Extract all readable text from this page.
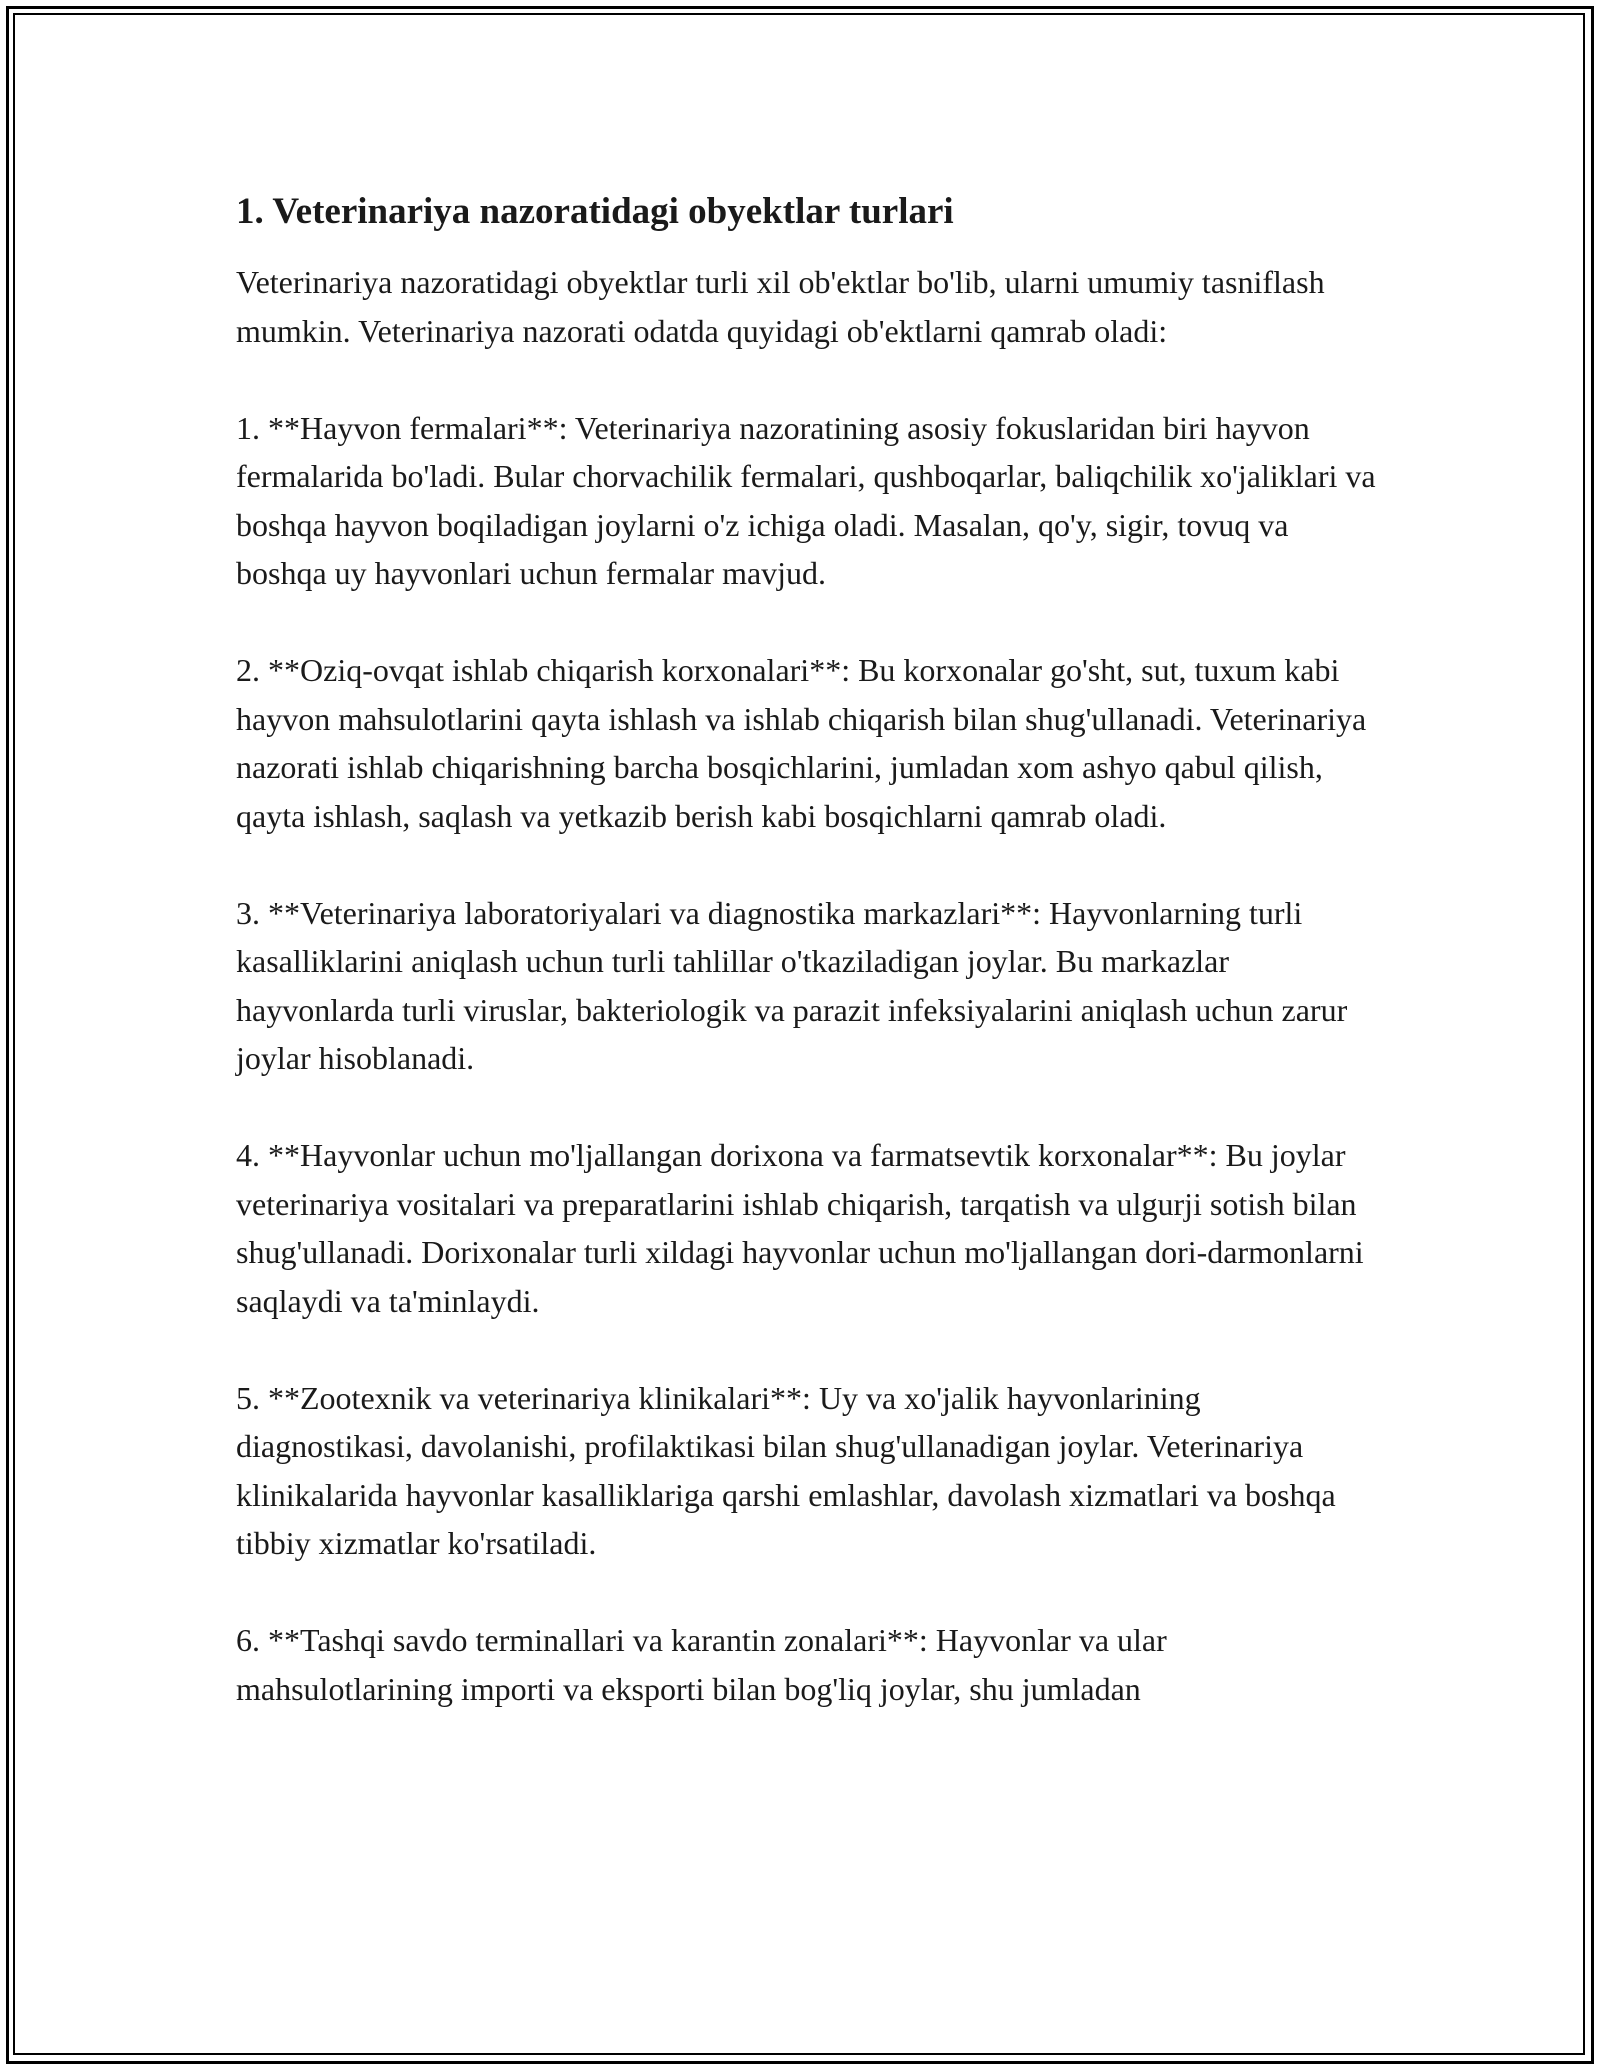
1. Veterinariya nazoratidagi obyektlar turlari

Veterinariya nazoratidagi obyektlar turli xil ob'ektlar bo'lib, ularni umumiy tasniflash mumkin. Veterinariya nazorati odatda quyidagi ob'ektlarni qamrab oladi:

1. **Hayvon fermalari**: Veterinariya nazoratining asosiy fokuslaridan biri hayvon fermalarida bo'ladi. Bular chorvachilik fermalari, qushboqarlar, baliqchilik xo'jaliklari va boshqa hayvon boqiladigan joylarni o'z ichiga oladi. Masalan, qo'y, sigir, tovuq va boshqa uy hayvonlari uchun fermalar mavjud.

2. **Oziq-ovqat ishlab chiqarish korxonalari**: Bu korxonalar go'sht, sut, tuxum kabi hayvon mahsulotlarini qayta ishlash va ishlab chiqarish bilan shug'ullanadi. Veterinariya nazorati ishlab chiqarishning barcha bosqichlarini, jumladan xom ashyo qabul qilish, qayta ishlash, saqlash va yetkazib berish kabi bosqichlarni qamrab oladi.

3. **Veterinariya laboratoriyalari va diagnostika markazlari**: Hayvonlarning turli kasalliklarini aniqlash uchun turli tahlillar o'tkaziladigan joylar. Bu markazlar hayvonlarda turli viruslar, bakteriologik va parazit infeksiyalarini aniqlash uchun zarur joylar hisoblanadi.

4. **Hayvonlar uchun mo'ljallangan dorixona va farmatsevtik korxonalar**: Bu joylar veterinariya vositalari va preparatlarini ishlab chiqarish, tarqatish va ulgurji sotish bilan shug'ullanadi. Dorixonalar turli xildagi hayvonlar uchun mo'ljallangan dori-darmonlarni saqlaydi va ta'minlaydi.

5. **Zootexnik va veterinariya klinikalari**: Uy va xo'jalik hayvonlarining diagnostikasi, davolanishi, profilaktikasi bilan shug'ullanadigan joylar. Veterinariya klinikalarida hayvonlar kasalliklariga qarshi emlashlar, davolash xizmatlari va boshqa tibbiy xizmatlar ko'rsatiladi.

6. **Tashqi savdo terminallari va karantin zonalari**: Hayvonlar va ular mahsulotlarining importi va eksporti bilan bog'liq joylar, shu jumladan
